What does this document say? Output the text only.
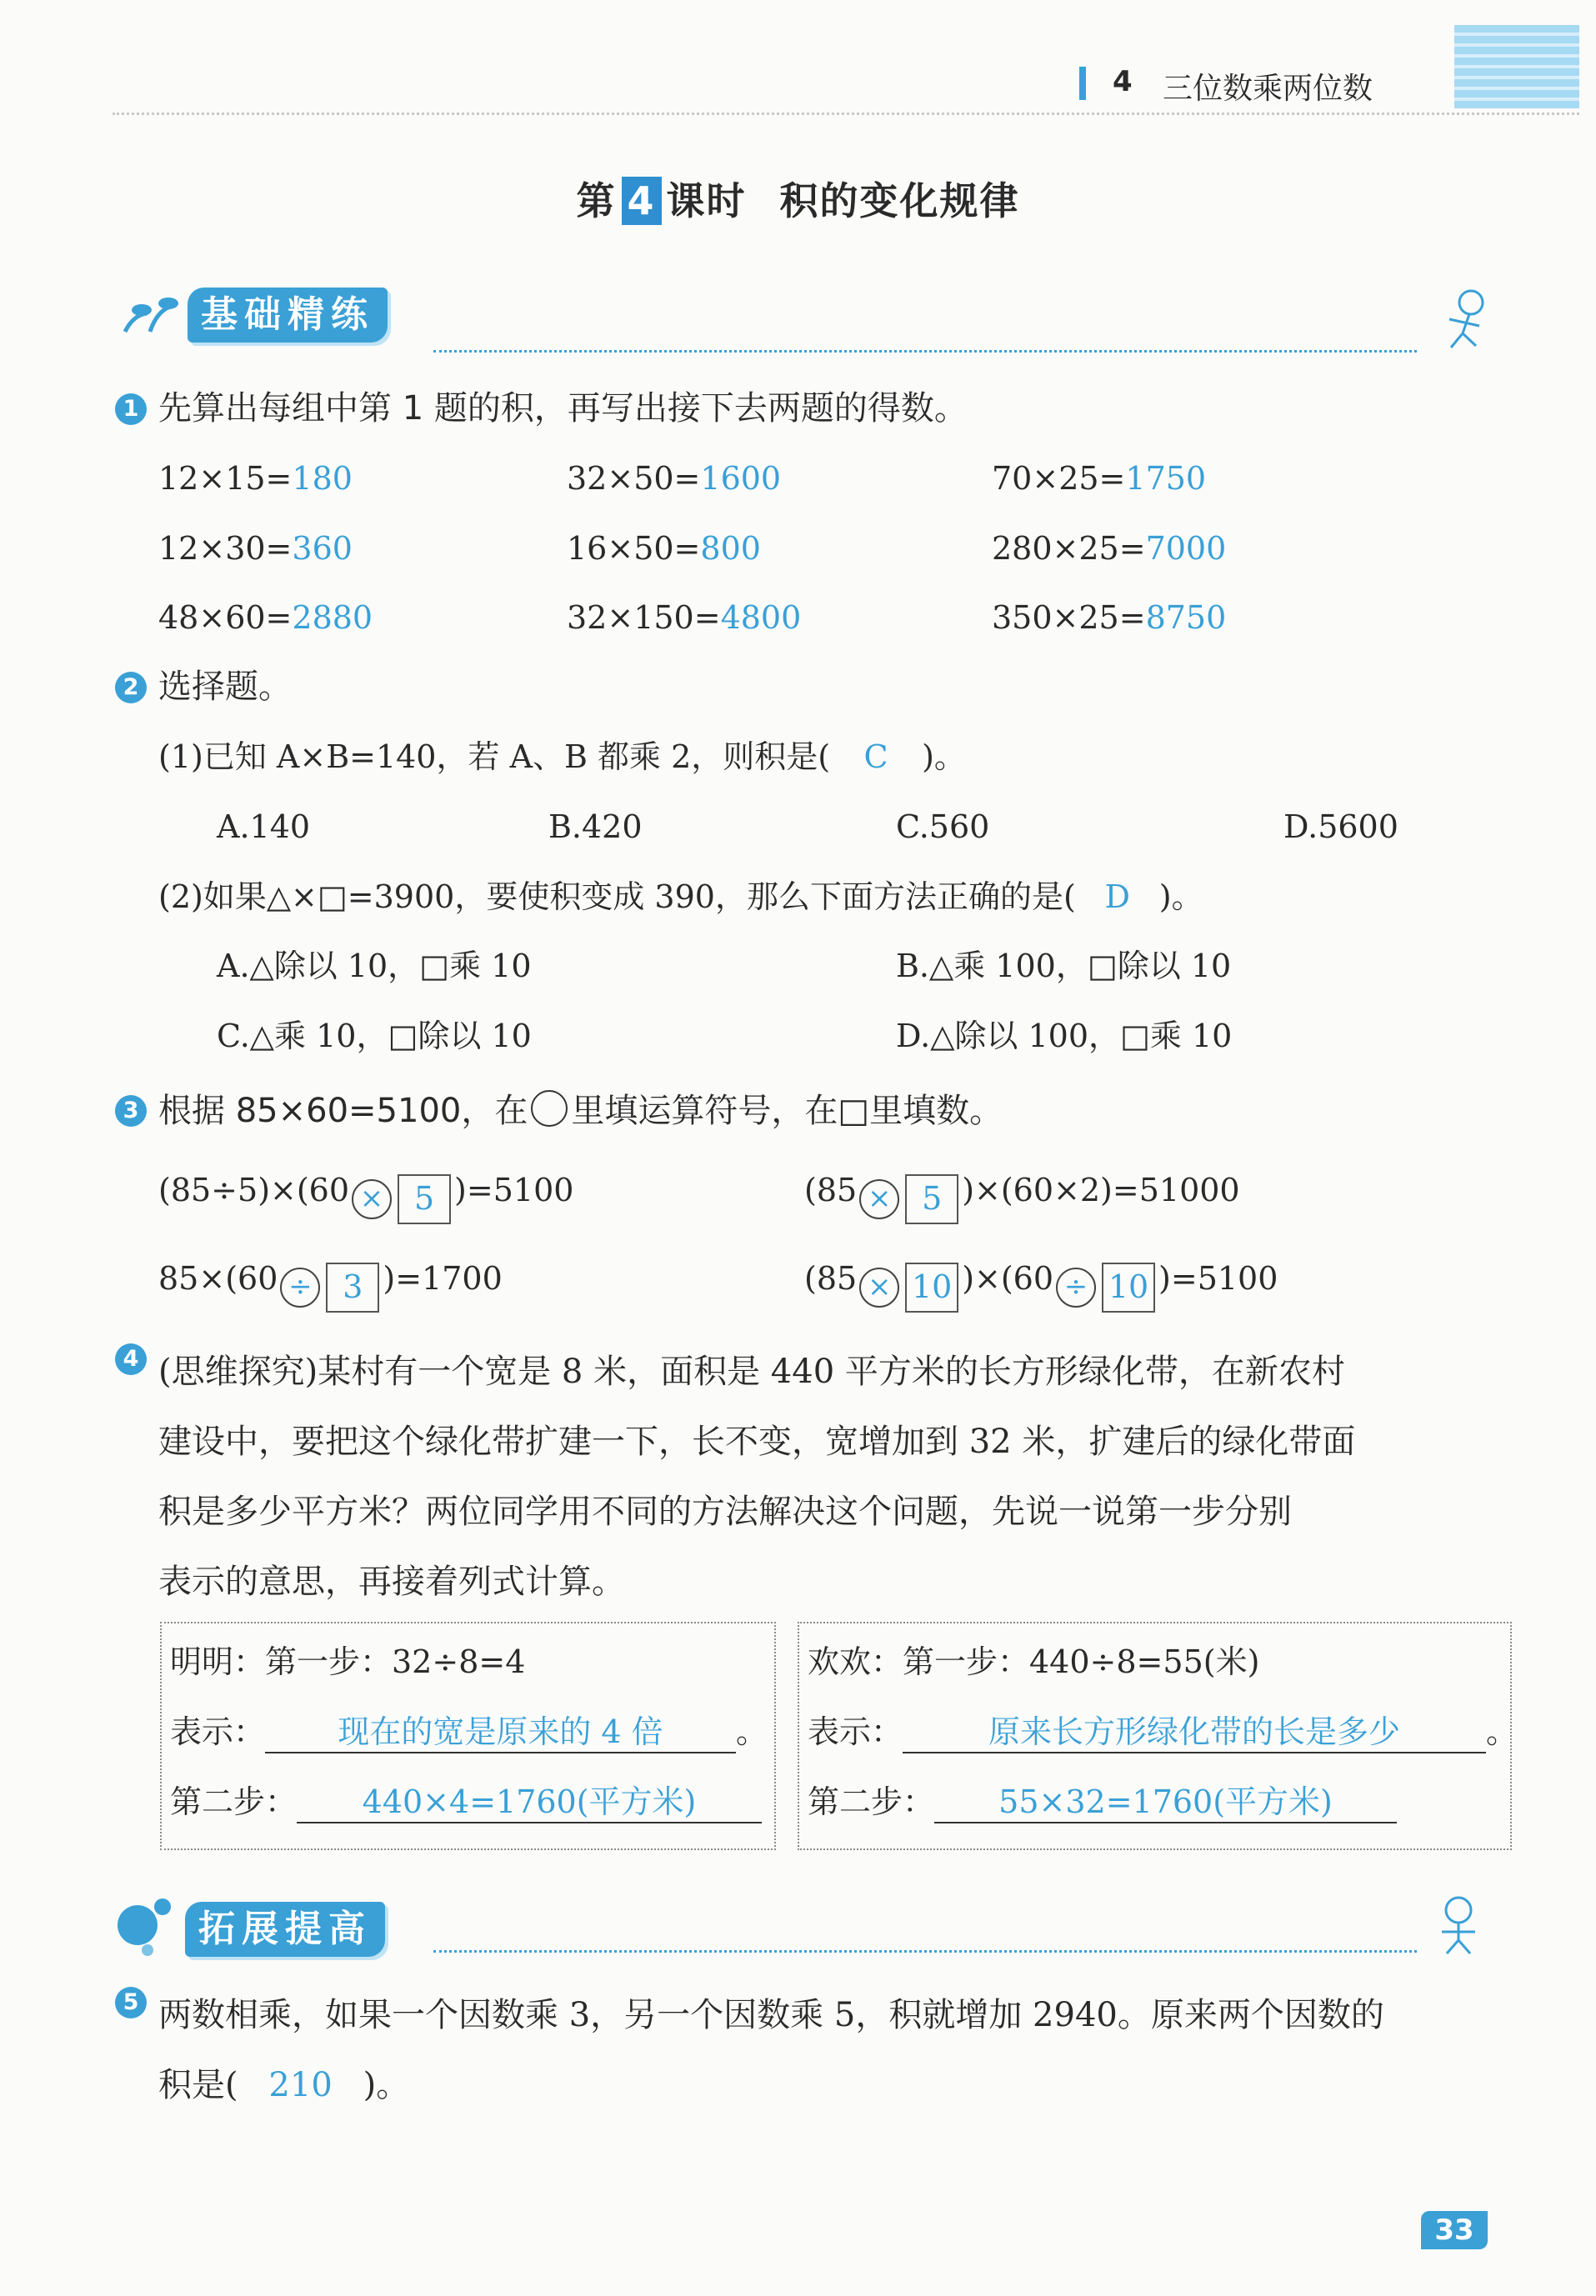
4 三位数乘两位数
第 4 课时 积的变化规律
基础精练
1 先算出每组中第 1 题的积，再写出接下去两题的得数。
12×15=180	32×50=1600	70×25=1750
12×30=360	16×50=800	280×25=7000
48×60=2880	32×150=4800	350×25=8750
2 选择题。
(1)已知 A×B=140，若 A、B 都乘 2，则积是( C )。
A.140	B.420	C.560	D.5600
(2)如果△×□=3900，要使积变成 390，那么下面方法正确的是( D )。
A.△除以 10，□乘 10	B.△乘 100，□除以 10
C.△乘 10，□除以 10	D.△除以 100，□乘 10
3 根据 85×60=5100，在 里填运算符号，在□里填数。
(85÷5)×(60 × 5 )=5100	(85 × 5 )×(60×2)=51000
85×(60 ÷ 3 )=1700	(85 × 10 )×(60 ÷ 10 )=5100
4 (思维探究)某村有一个宽是 8 米，面积是 440 平方米的长方形绿化带，在新农村
建设中，要把这个绿化带扩建一下，长不变，宽增加到 32 米，扩建后的绿化带面
积是多少平方米？两位同学用不同的方法解决这个问题，先说一说第一步分别
表示的意思，再接着列式计算。
明明：第一步：32÷8=4
表示： 现在的宽是原来的 4 倍 。
第二步： 440×4=1760(平方米)
欢欢：第一步：440÷8=55(米)
表示：	原来长方形绿化带的长是多少	。
第二步： 55×32=1760(平方米)
拓展提高
5 两数相乘，如果一个因数乘 3，另一个因数乘 5，积就增加 2940。原来两个因数的
积是( 210 )。
33
